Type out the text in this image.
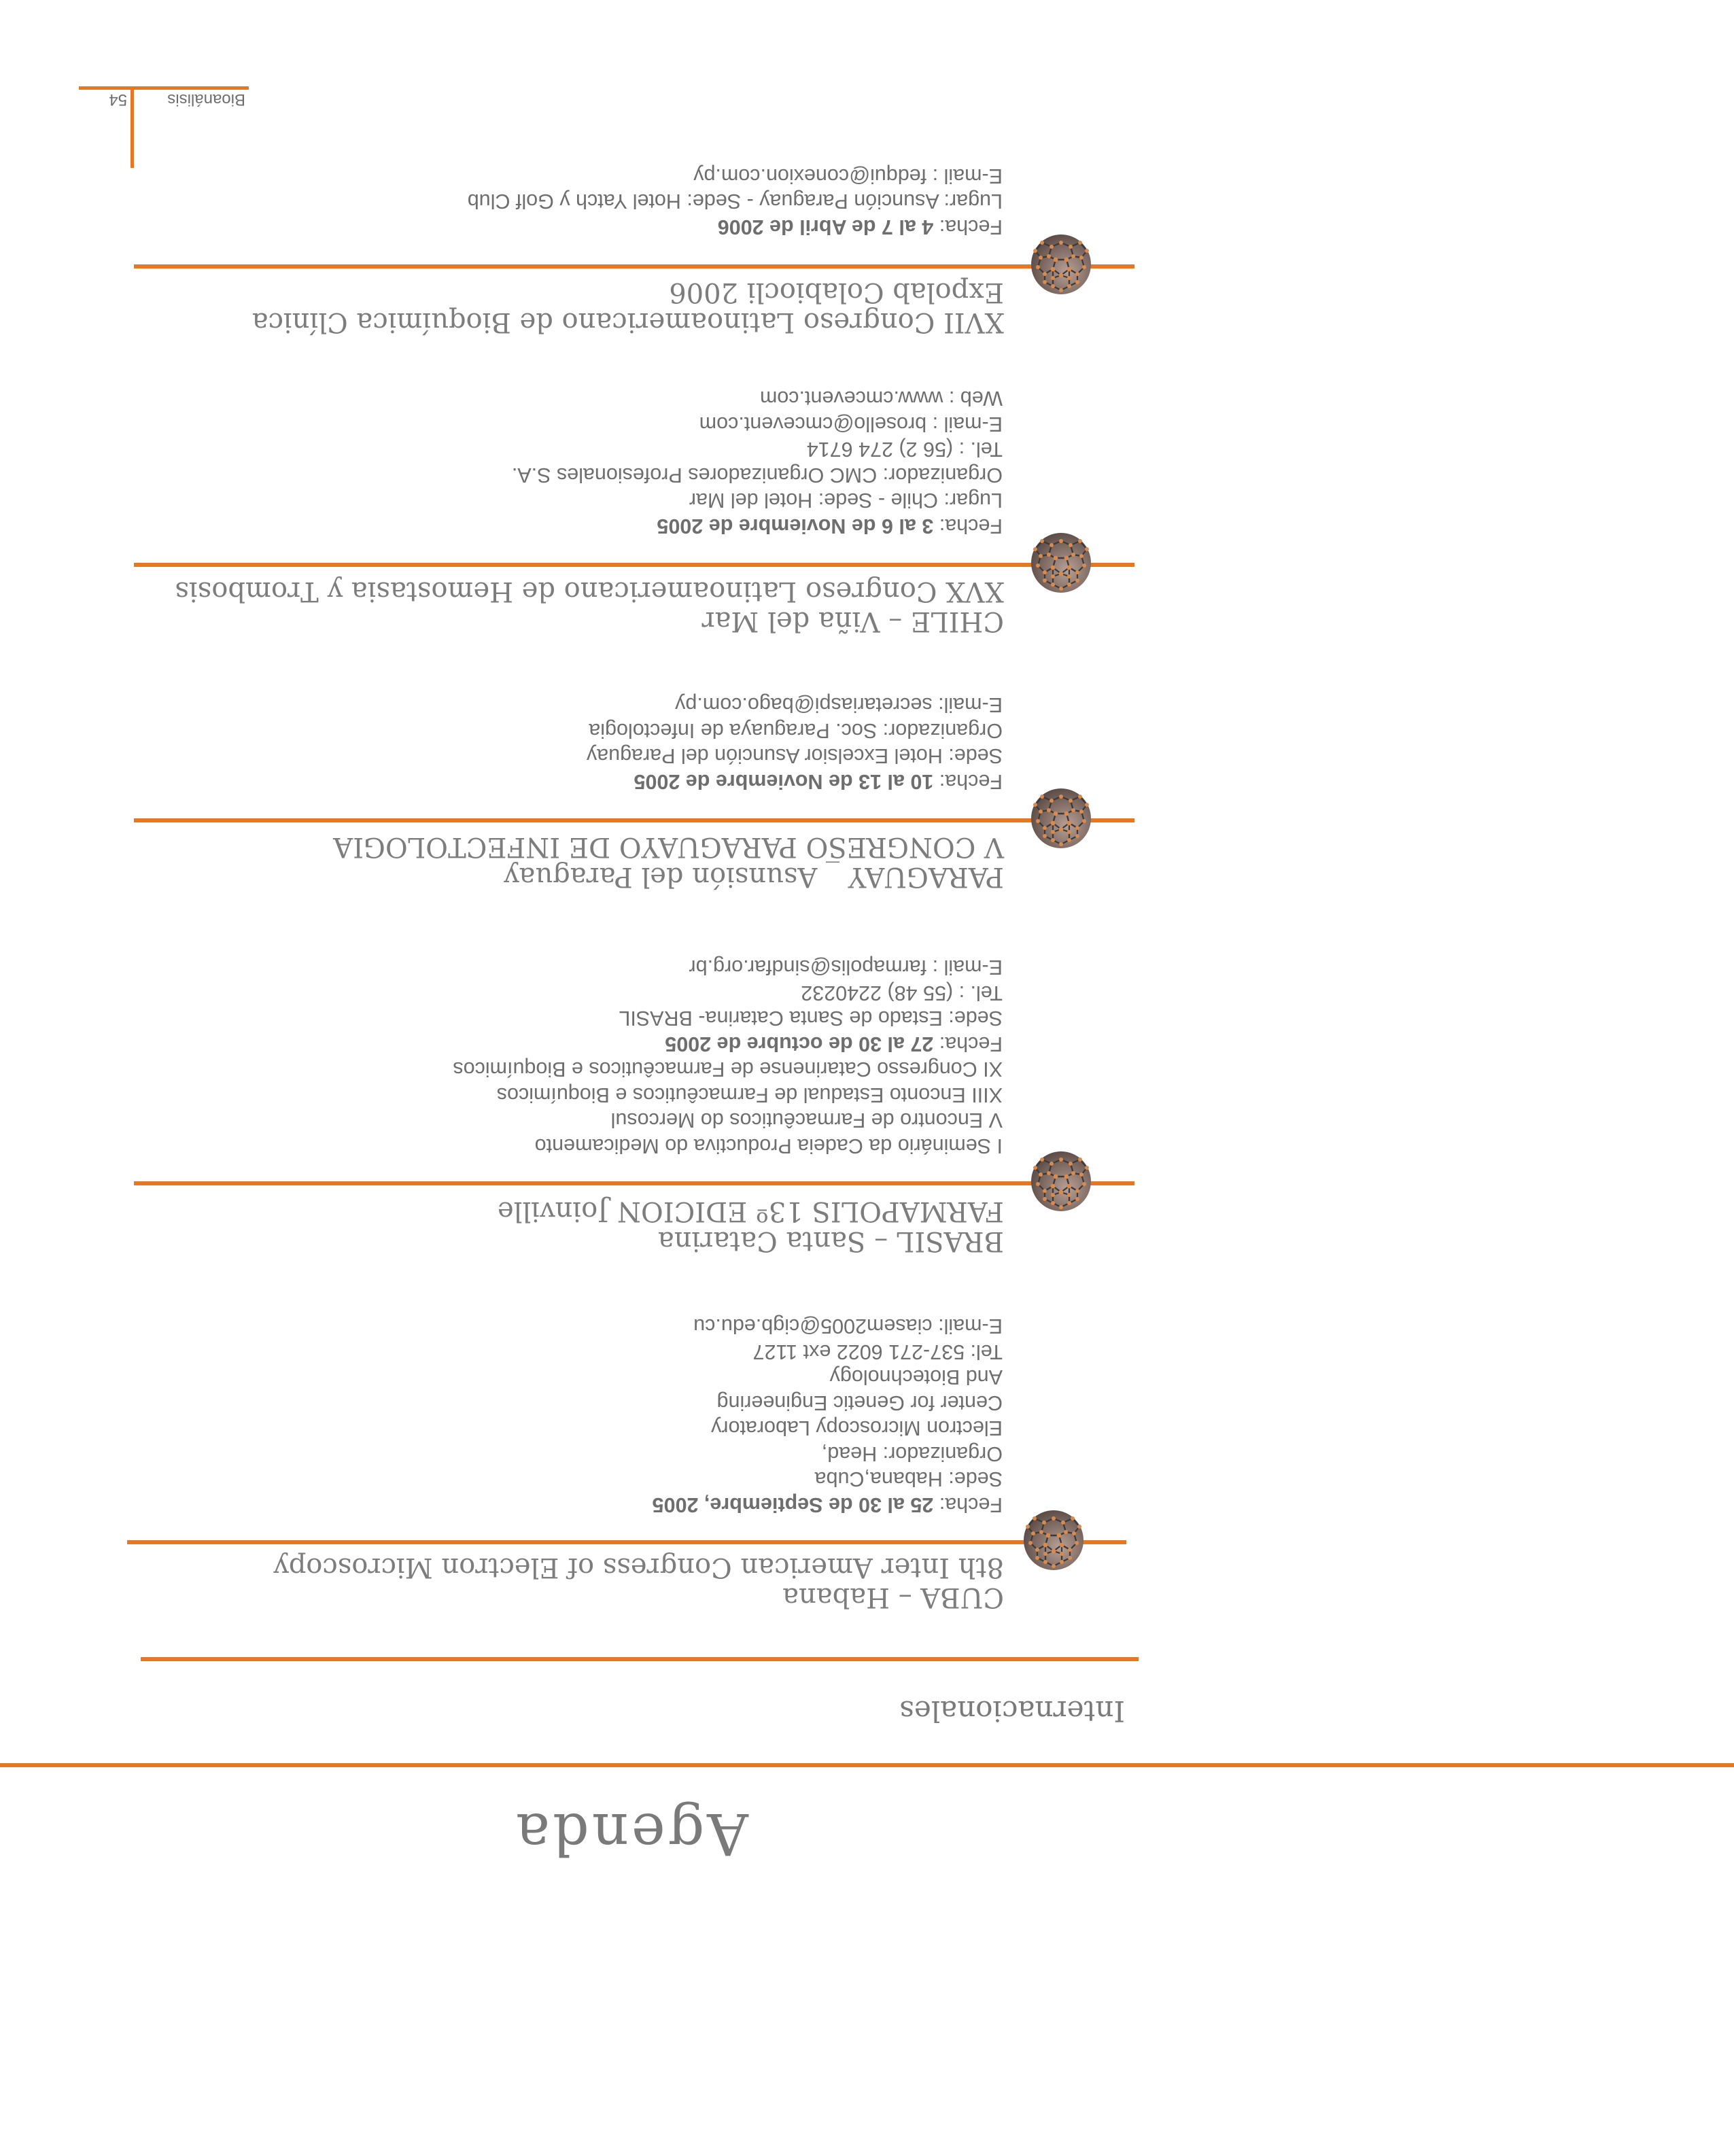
Agenda
Internacionales
CUBA – Habana
8th Inter American Congress of Electron Microscopy
Fecha: 25 al 30 de Septiembre, 2005
Sede: Habana,Cuba
Organizador: Head,
Electron Microscopy Laboratory
Center for Genetic Engineering
And Biotechnology
Tel: 537-271 6022 ext 1127
E-mail: ciasem2005@cigb.edu.cu
BRASIL – Santa Catarina
FARMAPOLIS 13º EDICION Joinville
I Seminário da Cadeia Productiva do Medicamento
V Encontro de Farmacêuticos do Mercosul
XIII Enconto Estadual de Farmacêuticos e Bioquímicos
XI Congresso Catarinense de Farmacêuticos e Bioquímicos
Fecha: 27 al 30 de octubre de 2005
Sede: Estado de Santa Catarina- BRASIL
Tel. : (55 48) 2240232
E-mail : farmapolis@sindfar.org.br
PARAGUAY _ Asunsión del Paraguay
V CONGRESO PARAGUAYO DE INFECTOLOGIA
Fecha: 10 al 13 de Noviembre de 2005
Sede: Hotel Excelsior Asunción del Paraguay
Organizador: Soc. Paraguaya de Infectologia
E-mail: secretariaspi@bago.com.py
CHILE – Viña del Mar
XVX Congreso Latinoamericano de Hemostasia y Trombosis
Fecha: 3 al 6 de Noviembre de 2005
Lugar: Chile - Sede: Hotel del Mar
Organizador: CMC Organizadores Profesionales S.A.
Tel. : (56 2) 274 6714
E-mail : brosello@cmcevent.com
Web : www.cmcevent.com
XVII Congreso Latinoamericano de Bioquímica Clínica
Expolab Colabiocli 2006
Fecha: 4 al 7 de Abril de 2006
Lugar: Asunción Paraguay - Sede: Hotel Yatch y Golf Club
E-mail : fedqui@conexion.com.py
Bioanálisis
54
